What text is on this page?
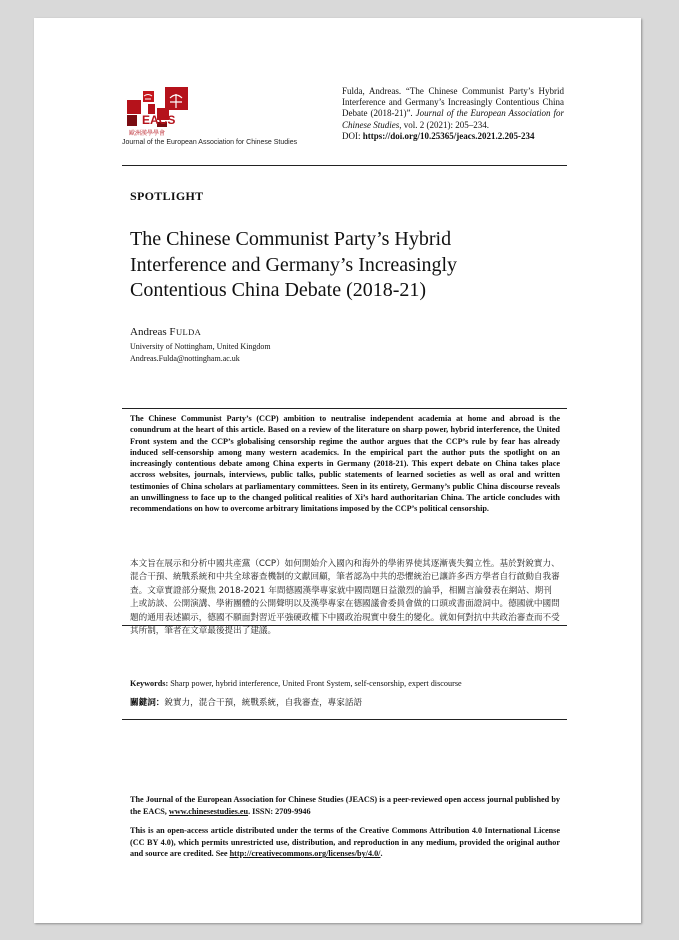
EACS
歐洲漢學學會
Journal of the European Association for Chinese Studies
Fulda, Andreas. “The Chinese Communist Party’s Hybrid Interference and Germany’s Increasingly Contentious China Debate (2018-21)”. Journal of the European Association for Chinese Studies, vol. 2 (2021): 205–234.
DOI: https://doi.org/10.25365/jeacs.2021.2.205-234
SPOTLIGHT
The Chinese Communist Party’s Hybrid Interference and Germany’s Increasingly Contentious China Debate (2018-21)
Andreas FULDA
University of Nottingham, United Kingdom
Andreas.Fulda@nottingham.ac.uk
The Chinese Communist Party’s (CCP) ambition to neutralise independent academia at home and abroad is the conundrum at the heart of this article. Based on a review of the literature on sharp power, hybrid interference, the United Front system and the CCP’s globalising censorship regime the author argues that the CCP’s rule by fear has already induced self-censorship among many western academics. In the empirical part the author puts the spotlight on an increasingly contentious debate among China experts in Germany (2018-21). This expert debate on China takes place accross websites, journals, interviews, public talks, public statements of learned societies as well as oral and written testimonies of China scholars at parliamentary committees. Seen in its entirety, Germany’s public China discourse reveals an unwillingness to face up to the changed political realities of Xi’s hard authoritarian China. The article concludes with recommendations on how to overcome arbitrary limitations imposed by the CCP’s political censorship.
本文旨在展示和分析中國共產黨（CCP）如何開始介入國內和海外的學術界使其逐漸喪失獨立性。基於對銳實力、混合干預、統戰系統和中共全球審查機制的文獻回顧，筆者認為中共的恐懼統治已讓許多西方學者自行啟動自我審查。文章實證部分聚焦 2018-2021 年間德國漢學專家就中國問題日益激烈的論爭，相關言論發表在網站、期刊上或訪談、公開演講、學術團體的公開聲明以及漢學專家在德國議會委員會做的口頭或書面證詞中。德國就中國問題的通用表述顯示，德國不願面對習近平強硬政權下中國政治現實中發生的變化。就如何對抗中共政治審查而不受其所制，筆者在文章最後提出了建議。
Keywords: Sharp power, hybrid interference, United Front System, self-censorship, expert discourse
關鍵詞：銳實力，混合干預，統戰系統，自我審查，專家話語
The Journal of the European Association for Chinese Studies (JEACS) is a peer-reviewed open access journal published by the EACS, www.chinesestudies.eu. ISSN: 2709-9946
This is an open-access article distributed under the terms of the Creative Commons Attribution 4.0 International License (CC BY 4.0), which permits unrestricted use, distribution, and reproduction in any medium, provided the original author and source are credited. See http://creativecommons.org/licenses/by/4.0/.
